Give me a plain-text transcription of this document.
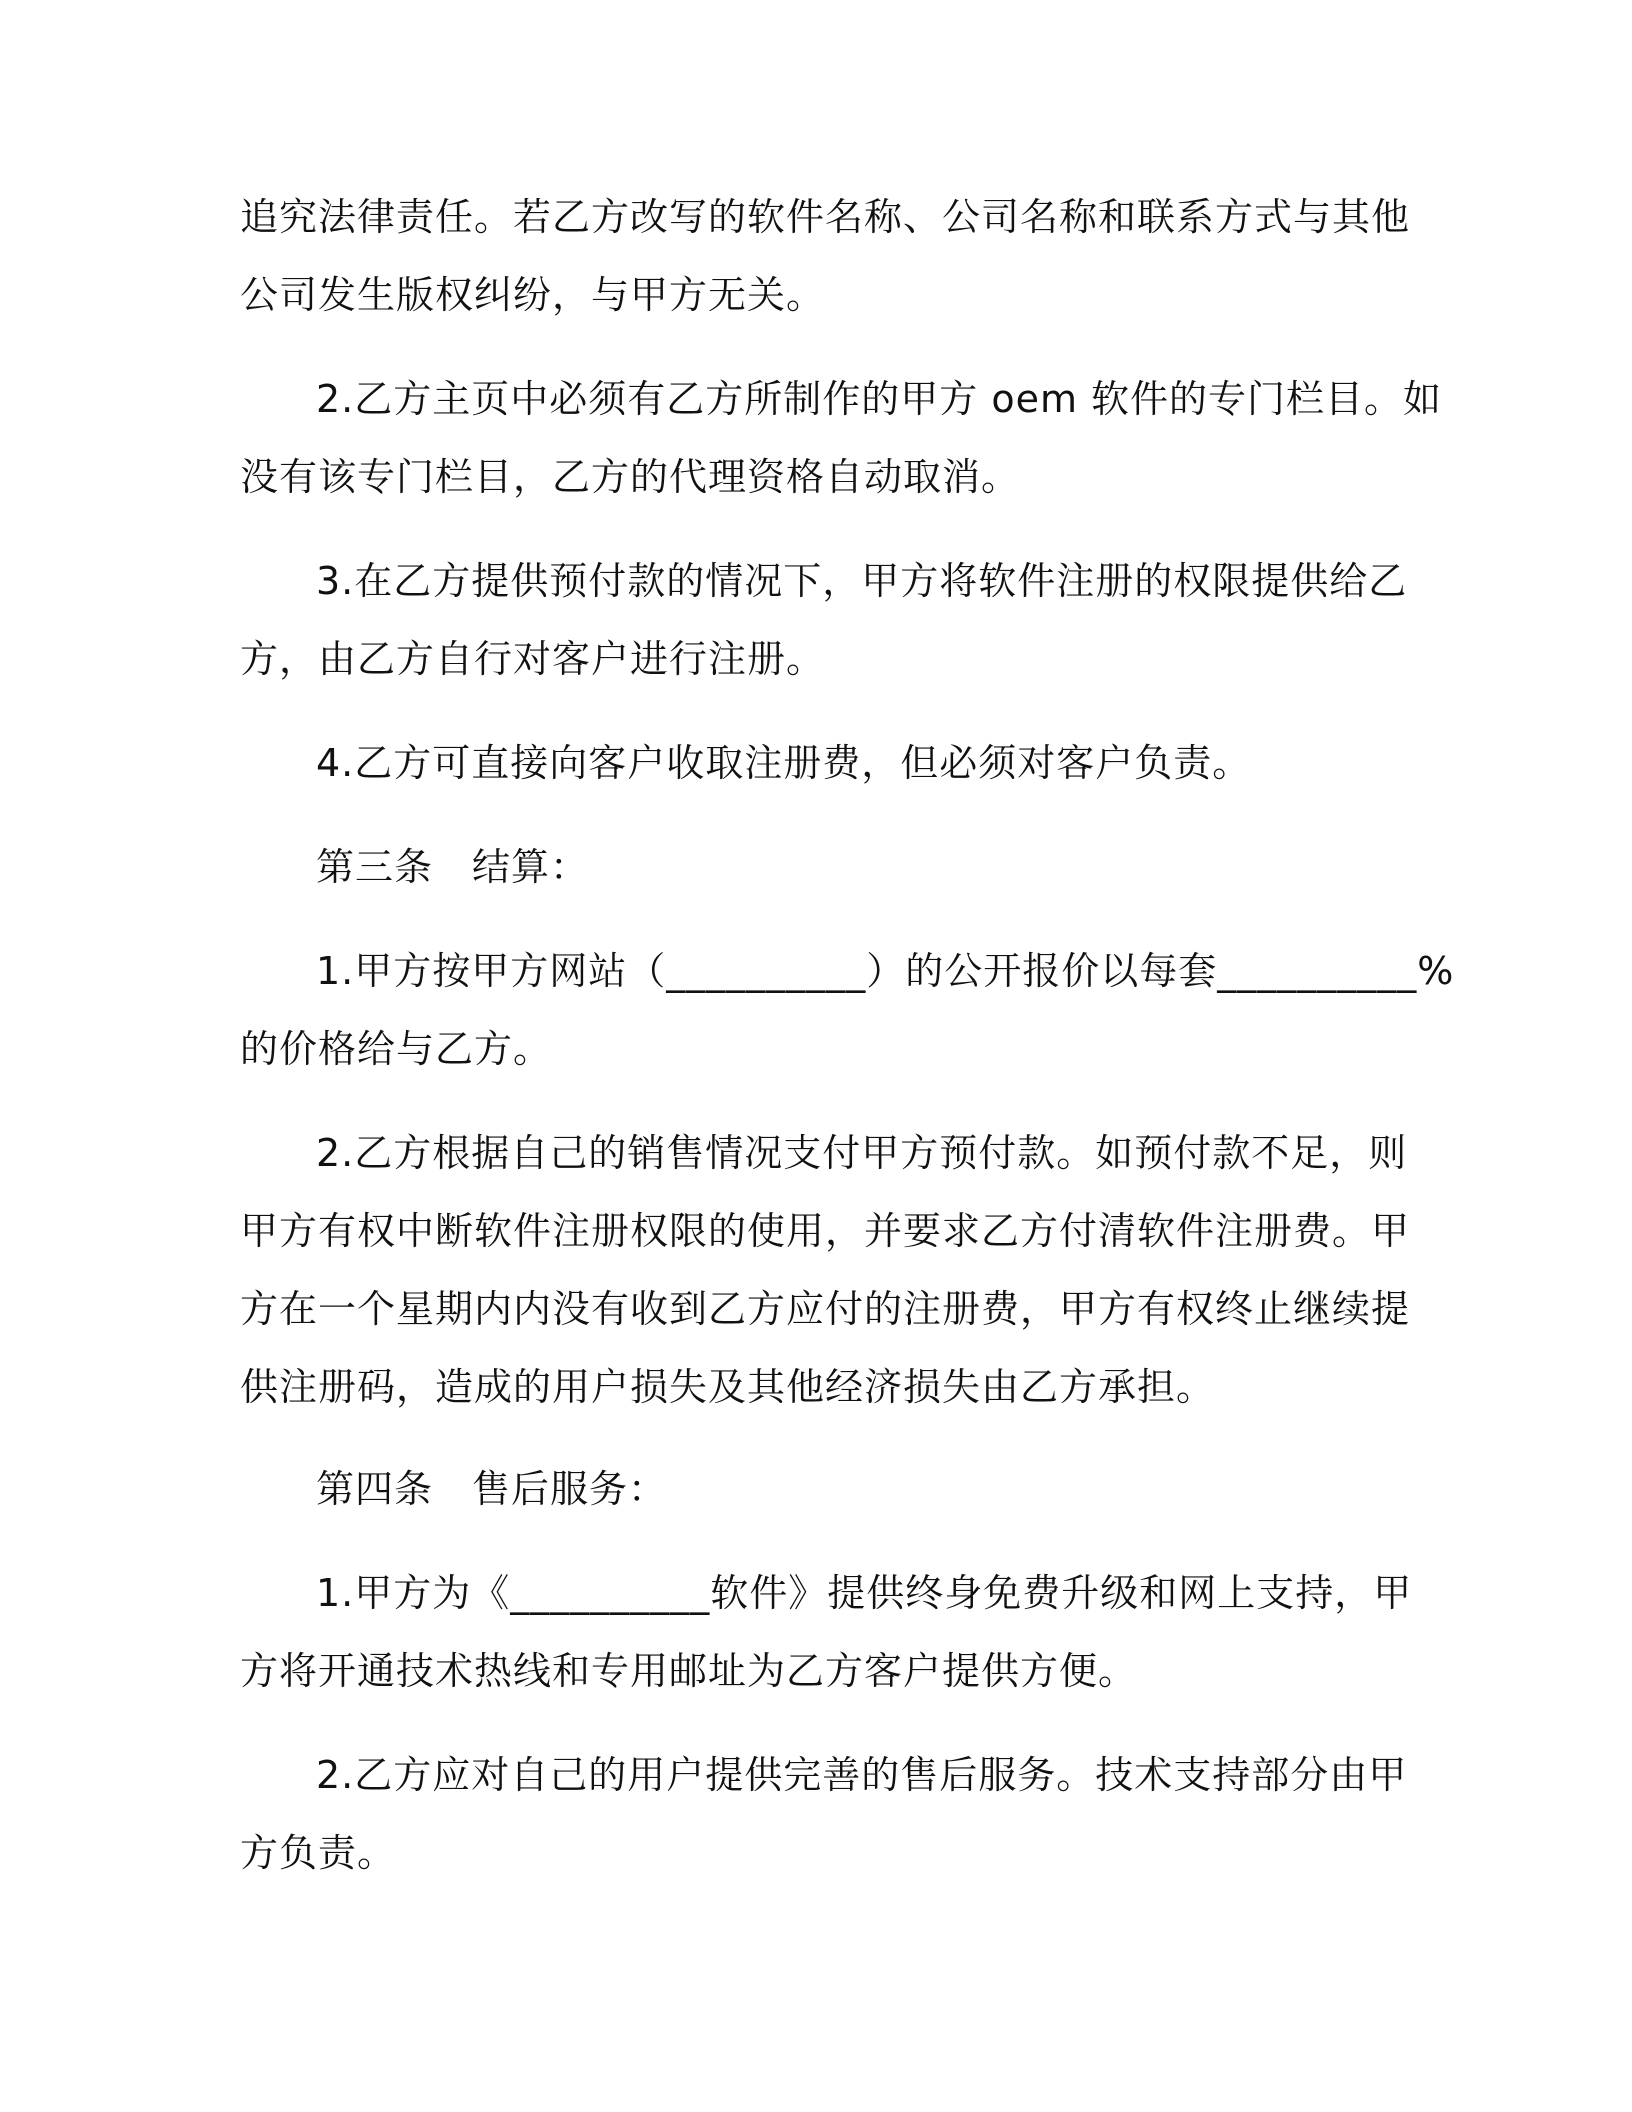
追究法律责任。若乙方改写的软件名称、公司名称和联系方式与其他
公司发生版权纠纷，与甲方无关。
2.乙方主页中必须有乙方所制作的甲方 oem 软件的专门栏目。如
没有该专门栏目，乙方的代理资格自动取消。
3.在乙方提供预付款的情况下，甲方将软件注册的权限提供给乙
方，由乙方自行对客户进行注册。
4.乙方可直接向客户收取注册费，但必须对客户负责。
第三条　结算：
1.甲方按甲方网站（__________）的公开报价以每套__________%
的价格给与乙方。
2.乙方根据自己的销售情况支付甲方预付款。如预付款不足，则
甲方有权中断软件注册权限的使用，并要求乙方付清软件注册费。甲
方在一个星期内内没有收到乙方应付的注册费，甲方有权终止继续提
供注册码，造成的用户损失及其他经济损失由乙方承担。
第四条　售后服务：
1.甲方为《__________软件》提供终身免费升级和网上支持，甲
方将开通技术热线和专用邮址为乙方客户提供方便。
2.乙方应对自己的用户提供完善的售后服务。技术支持部分由甲
方负责。
